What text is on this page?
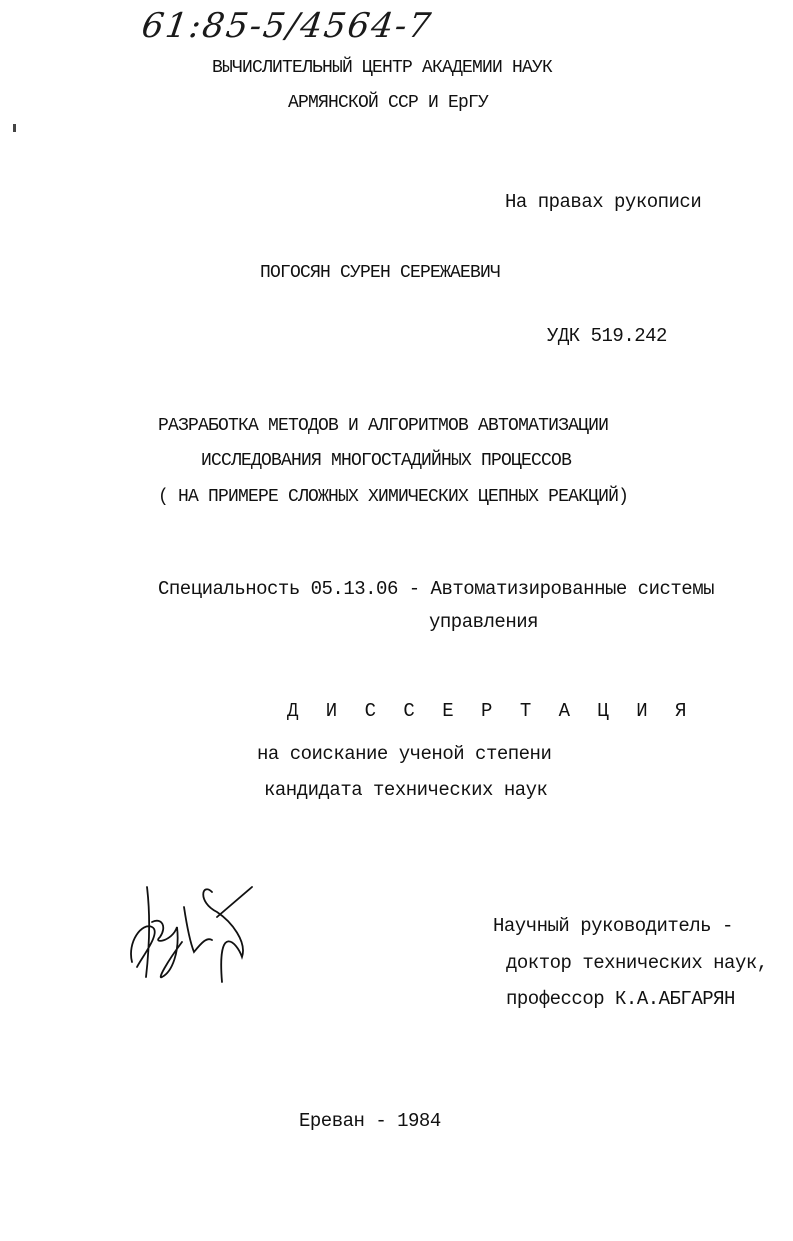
61:85-5/4564-7
ВЫЧИСЛИТЕЛЬНЫЙ ЦЕНТР АКАДЕМИИ НАУК
АРМЯНСКОЙ ССР И ЕрГУ
На правах рукописи
ПОГОСЯН СУРЕН СЕРЕЖАЕВИЧ
УДК 519.242
РАЗРАБОТКА МЕТОДОВ И АЛГОРИТМОВ АВТОМАТИЗАЦИИ
ИССЛЕДОВАНИЯ МНОГОСТАДИЙНЫХ ПРОЦЕССОВ
( НА ПРИМЕРЕ СЛОЖНЫХ ХИМИЧЕСКИХ ЦЕПНЫХ РЕАКЦИЙ)
Специальность 05.13.06 - Автоматизированные системы
управления
Д И С С Е Р Т А Ц И Я
на соискание ученой степени
кандидата технических наук
Научный руководитель -
доктор технических наук,
профессор К.А.АБГАРЯН
Ереван - 1984
